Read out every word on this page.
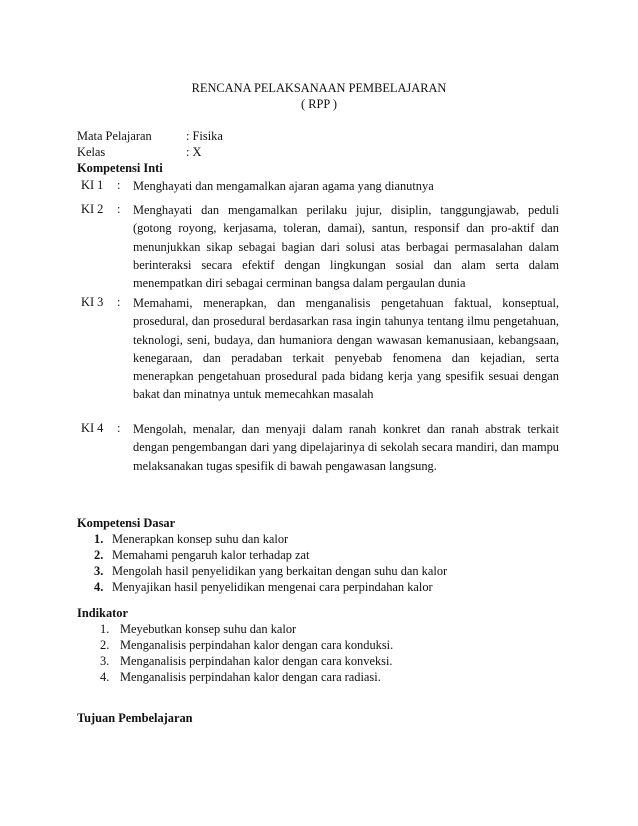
RENCANA PELAKSANAAN PEMBELAJARAN
( RPP )
Mata Pelajaran	: Fisika
Kelas	: X
Kompetensi Inti
KI 1 : Menghayati dan mengamalkan ajaran agama yang dianutnya
KI 2 : Menghayati dan mengamalkan perilaku jujur, disiplin, tanggungjawab, peduli (gotong royong, kerjasama, toleran, damai), santun, responsif dan pro-aktif dan menunjukkan sikap sebagai bagian dari solusi atas berbagai permasalahan dalam berinteraksi secara efektif dengan lingkungan sosial dan alam serta dalam menempatkan diri sebagai cerminan bangsa dalam pergaulan dunia
KI 3 : Memahami, menerapkan, dan menganalisis pengetahuan faktual, konseptual, prosedural, dan prosedural berdasarkan rasa ingin tahunya tentang ilmu pengetahuan, teknologi, seni, budaya, dan humaniora dengan wawasan kemanusiaan, kebangsaan, kenegaraan, dan peradaban terkait penyebab fenomena dan kejadian, serta menerapkan pengetahuan prosedural pada bidang kerja yang spesifik sesuai dengan bakat dan minatnya untuk memecahkan masalah
KI 4 : Mengolah, menalar, dan menyaji dalam ranah konkret dan ranah abstrak terkait dengan pengembangan dari yang dipelajarinya di sekolah secara mandiri, dan mampu melaksanakan tugas spesifik di bawah pengawasan langsung.
Kompetensi Dasar
1. Menerapkan konsep suhu dan kalor
2. Memahami pengaruh kalor terhadap zat
3. Mengolah hasil penyelidikan yang berkaitan dengan suhu dan kalor
4. Menyajikan hasil penyelidikan mengenai cara perpindahan kalor
Indikator
1. Meyebutkan konsep suhu dan kalor
2. Menganalisis perpindahan kalor dengan cara konduksi.
3. Menganalisis perpindahan kalor dengan cara konveksi.
4. Menganalisis perpindahan kalor dengan cara radiasi.
Tujuan Pembelajaran
